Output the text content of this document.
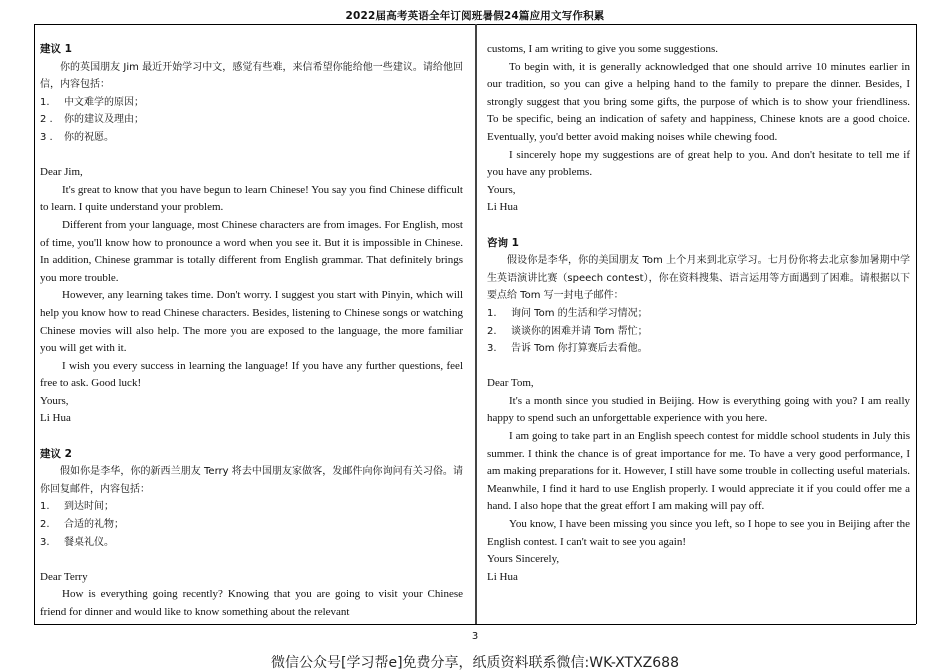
2022届高考英语全年订阅班暑假24篇应用文写作积累
建议 1
你的英国朋友 Jim 最近开始学习中文，感觉有些难，来信希望你能给他一些建议。请给他回信，内容包括：
1.	中文难学的原因；
2 .	你的建议及理由；
3 .	你的祝愿。
Dear Jim,
It's great to know that you have begun to learn Chinese! You say you find Chinese difficult to learn. I quite understand your problem.
Different from your language, most Chinese characters are from images. For English, most of time, you'll know how to pronounce a word when you see it. But it is impossible in Chinese. In addition, Chinese grammar is totally different from English grammar. That definitely brings you more trouble.
However, any learning takes time. Don't worry. I suggest you start with Pinyin, which will help you know how to read Chinese characters. Besides, listening to Chinese songs or watching Chinese movies will also help. The more you are exposed to the language, the more familiar you will get with it.
I wish you every success in learning the language! If you have any further questions, feel free to ask. Good luck!
Yours,
Li Hua
建议 2
假如你是李华，你的新西兰朋友 Terry 将去中国朋友家做客，发邮件向你询问有关习俗。请你回复邮件，内容包括：
1.	到达时间；
2.	合适的礼物；
3.	餐桌礼仪。
Dear Terry
How is everything going recently? Knowing that you are going to visit your Chinese friend for dinner and would like to know something about the relevant
customs, I am writing to give you some suggestions.
To begin with, it is generally acknowledged that one should arrive 10 minutes earlier in our tradition, so you can give a helping hand to the family to prepare the dinner. Besides, I strongly suggest that you bring some gifts, the purpose of which is to show your friendliness. To be specific, being an indication of safety and happiness, Chinese knots are a good choice. Eventually, you'd better avoid making noises while chewing food.
I sincerely hope my suggestions are of great help to you. And don't hesitate to tell me if you have any problems.
Yours,
Li Hua
咨询 1
假设你是李华，你的美国朋友 Tom 上个月来到北京学习。七月份你将去北京参加暑期中学生英语演讲比赛（speech contest），你在资料搜集、语言运用等方面遇到了困难。请根据以下要点给 Tom 写一封电子邮件：
1.	询问 Tom 的生活和学习情况；
2.	谈谈你的困难并请 Tom 帮忙；
3.	告诉 Tom 你打算赛后去看他。
Dear Tom,
It's a month since you studied in Beijing. How is everything going with you? I am really happy to spend such an unforgettable experience with you here.
I am going to take part in an English speech contest for middle school students in July this summer. I think the chance is of great importance for me. To have a very good performance, I am making preparations for it. However, I still have some trouble in collecting useful materials. Meanwhile, I find it hard to use English properly. I would appreciate it if you could offer me a hand. I also hope that the great effort I am making will pay off.
You know, I have been missing you since you left, so I hope to see you in Beijing after the English contest. I can't wait to see you again!
Yours Sincerely,
Li Hua
3
微信公众号[学习帮e]免费分享，纸质资料联系微信:WK-XTXZ688
